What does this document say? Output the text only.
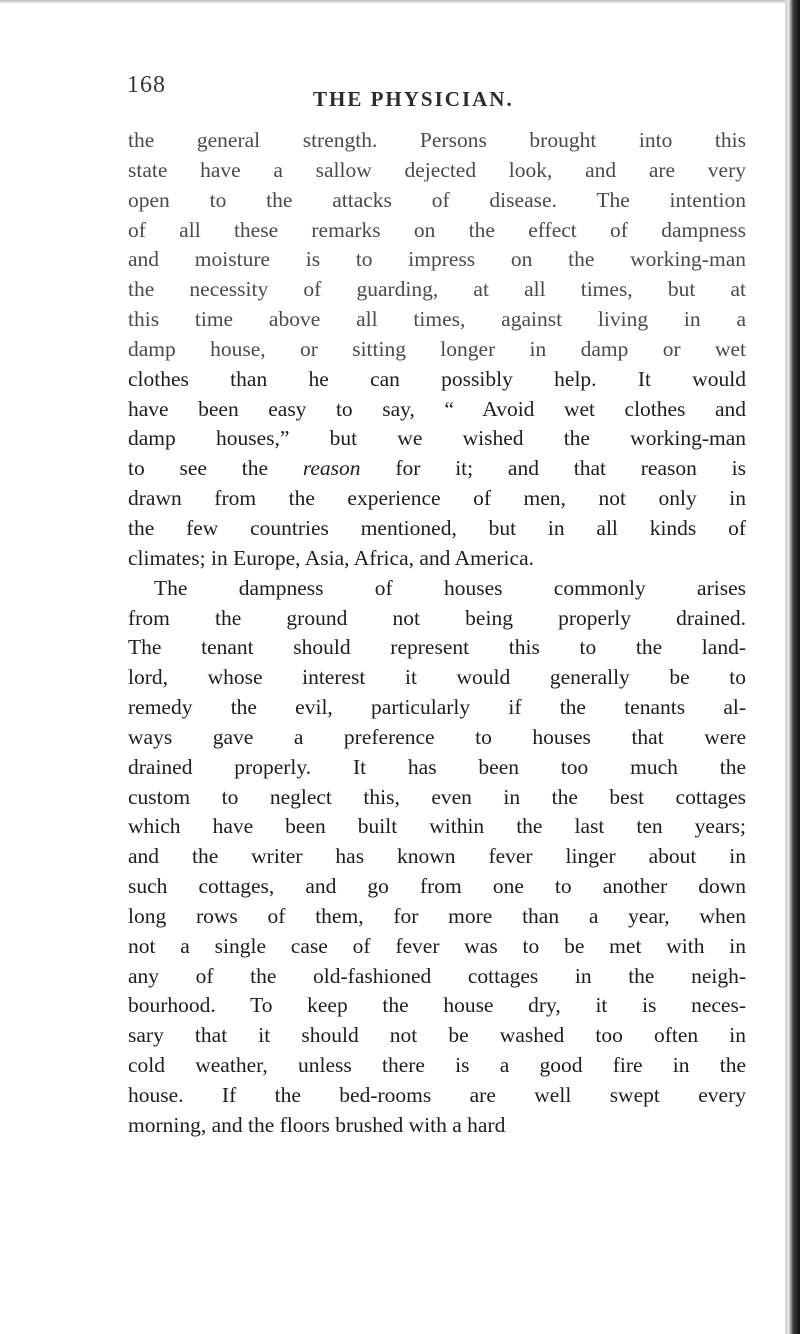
168
THE PHYSICIAN.
the general strength. Persons brought into this
state have a sallow dejected look, and are very
open to the attacks of disease. The intention
of all these remarks on the effect of dampness
and moisture is to impress on the working-man
the necessity of guarding, at all times, but at
this time above all times, against living in a
damp house, or sitting longer in damp or wet
clothes than he can possibly help. It would
have been easy to say, “ Avoid wet clothes and
damp houses,” but we wished the working-man
to see the reason for it; and that reason is
drawn from the experience of men, not only in
the few countries mentioned, but in all kinds of
climates; in Europe, Asia, Africa, and America.
The dampness of houses commonly arises
from the ground not being properly drained.
The tenant should represent this to the land-
lord, whose interest it would generally be to
remedy the evil, particularly if the tenants al-
ways gave a preference to houses that were
drained properly. It has been too much the
custom to neglect this, even in the best cottages
which have been built within the last ten years;
and the writer has known fever linger about in
such cottages, and go from one to another down
long rows of them, for more than a year, when
not a single case of fever was to be met with in
any of the old-fashioned cottages in the neigh-
bourhood. To keep the house dry, it is neces-
sary that it should not be washed too often in
cold weather, unless there is a good fire in the
house. If the bed-rooms are well swept every
morning, and the floors brushed with a hard
